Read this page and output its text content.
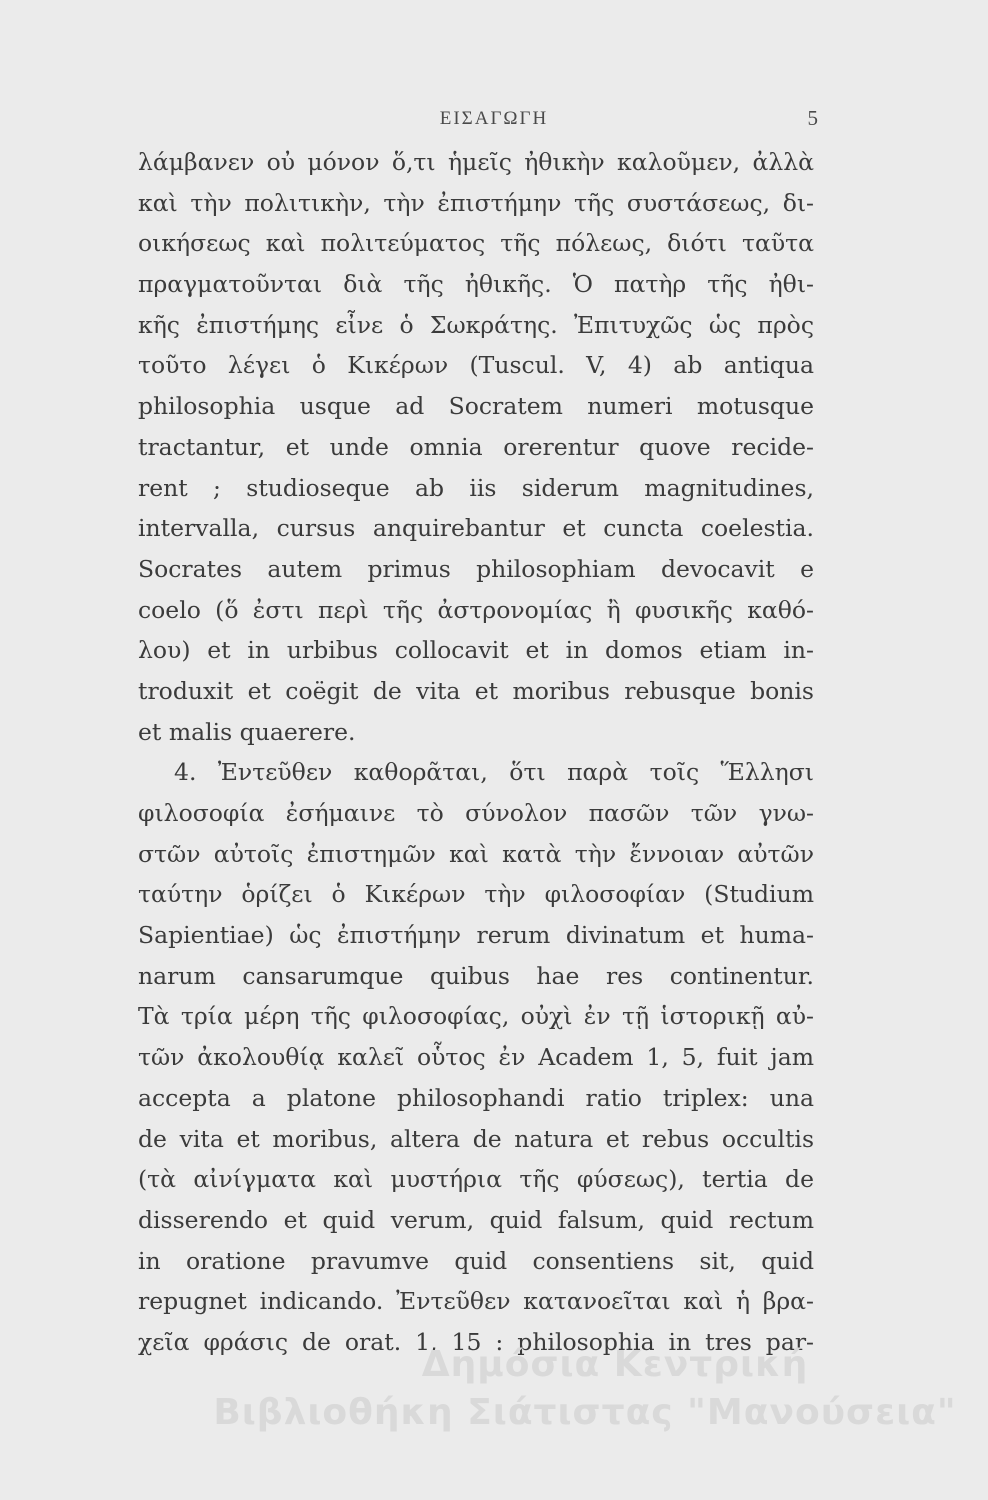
ΕΙΣΑΓΩΓΗ	5
λάμβανεν οὐ μόνον ὅ,τι ἡμεῖς ἠθικὴν καλοῦμεν, ἀλλὰ
καὶ τὴν πολιτικὴν, τὴν ἐπιστήμην τῆς συστάσεως, δι-
οικήσεως καὶ πολιτεύματος τῆς πόλεως, διότι ταῦτα
πραγματοῦνται διὰ τῆς ἠθικῆς. Ὁ πατὴρ τῆς ἠθι-
κῆς ἐπιστήμης εἶνε ὁ Σωκράτης. Ἐπιτυχῶς ὡς πρὸς
τοῦτο λέγει ὁ Κικέρων (Tuscul. V, 4) ab antiqua
philosophia usque ad Socratem numeri motusque
tractantur, et unde omnia orerentur quove recide-
rent ; studioseque ab iis siderum magnitudines,
intervalla, cursus anquirebantur et cuncta coelestia.
Socrates autem primus philosophiam devocavit e
coelo (ὅ ἐστι περὶ τῆς ἀστρονομίας ἢ φυσικῆς καθό-
λου) et in urbibus collocavit et in domos etiam in-
troduxit et coëgit de vita et moribus rebusque bonis
et malis quaerere.
4. Ἐντεῦθεν καθορᾶται, ὅτι παρὰ τοῖς Ἕλλησι
φιλοσοφία ἐσήμαινε τὸ σύνολον πασῶν τῶν γνω-
στῶν αὐτοῖς ἐπιστημῶν καὶ κατὰ τὴν ἔννοιαν αὐτῶν
ταύτην ὁρίζει ὁ Κικέρων τὴν φιλοσοφίαν (Studium
Sapientiae) ὡς ἐπιστήμην rerum divinatum et huma-
narum cansarumque quibus hae res continentur.
Τὰ τρία μέρη τῆς φιλοσοφίας, οὐχὶ ἐν τῇ ἱστορικῇ αὐ-
τῶν ἀκολουθίᾳ καλεῖ οὗτος ἐν Academ 1, 5, fuit jam
accepta a platone philosophandi ratio triplex: una
de vita et moribus, altera de natura et rebus occultis
(τὰ αἰνίγματα καὶ μυστήρια τῆς φύσεως), tertia de
disserendo et quid verum, quid falsum, quid rectum
in oratione pravumve quid consentiens sit, quid
repugnet indicando. Ἐντεῦθεν κατανοεῖται καὶ ἡ βρα-
χεῖα φράσις de orat. 1, 15 : philosophia in tres par-
Δημόσια Κεντρική
Βιβλιοθήκη Σιάτιστας "Μανούσεια"
